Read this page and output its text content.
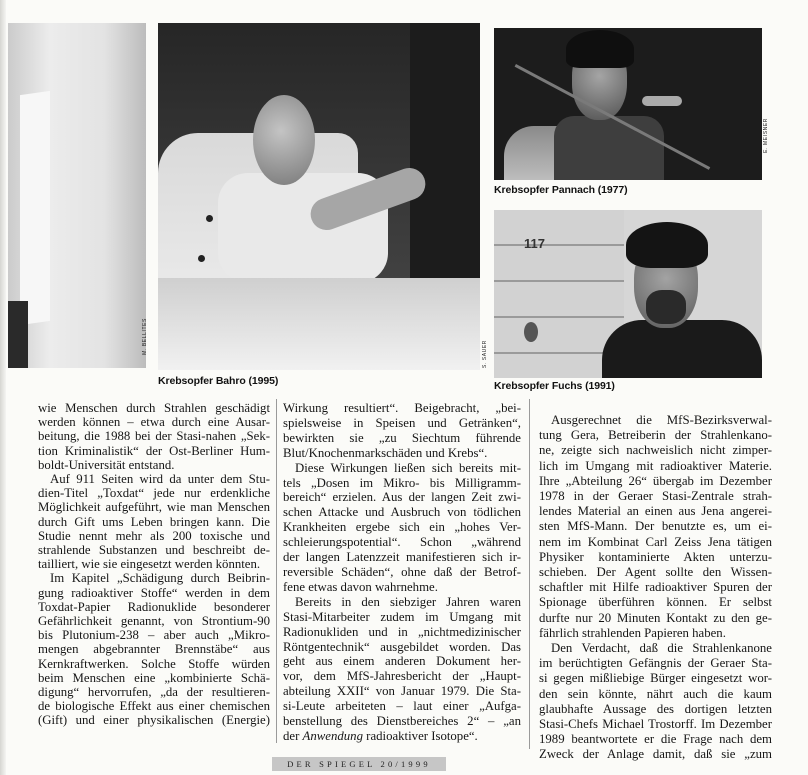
M. BELLITES	S. SAUER
Krebsopfer Bahro (1995)
E. MEISNER
Krebsopfer Pannach (1977)
117
Krebsopfer Fuchs (1991)
wie Menschen durch Strahlen geschädigt
werden können – etwa durch eine Ausar-
beitung, die 1988 bei der Stasi-nahen „Sek-
tion Kriminalistik“ der Ost-Berliner Hum-
boldt-Universität entstand.
Auf 911 Seiten wird da unter dem Stu-
dien-Titel „Toxdat“ jede nur erdenkliche
Möglichkeit aufgeführt, wie man Menschen
durch Gift ums Leben bringen kann. Die
Studie nennt mehr als 200 toxische und
strahlende Substanzen und beschreibt de-
tailliert, wie sie eingesetzt werden könnten.
Im Kapitel „Schädigung durch Beibrin-
gung radioaktiver Stoffe“ werden in dem
Toxdat-Papier Radionuklide besonderer
Gefährlichkeit genannt, von Strontium-90
bis Plutonium-238 – aber auch „Mikro-
mengen abgebrannter Brennstäbe“ aus
Kernkraftwerken. Solche Stoffe würden
beim Menschen eine „kombinierte Schä-
digung“ hervorrufen, „da der resultieren-
de biologische Effekt aus einer chemischen
(Gift) und einer physikalischen (Energie)
Wirkung resultiert“. Beigebracht, „bei-
spielsweise in Speisen und Getränken“,
bewirkten sie „zu Siechtum führende
Blut/Knochenmarkschäden und Krebs“.
Diese Wirkungen ließen sich bereits mit-
tels „Dosen im Mikro- bis Milligramm-
bereich“ erzielen. Aus der langen Zeit zwi-
schen Attacke und Ausbruch von tödlichen
Krankheiten ergebe sich ein „hohes Ver-
schleierungspotential“. Schon „während
der langen Latenzzeit manifestieren sich ir-
reversible Schäden“, ohne daß der Betrof-
fene etwas davon wahrnehme.
Bereits in den siebziger Jahren waren
Stasi-Mitarbeiter zudem im Umgang mit
Radionukliden und in „nichtmedizinischer
Röntgentechnik“ ausgebildet worden. Das
geht aus einem anderen Dokument her-
vor, dem MfS-Jahresbericht der „Haupt-
abteilung XXII“ von Januar 1979. Die Sta-
si-Leute arbeiteten – laut einer „Aufga-
benstellung des Dienstbereiches 2“ – „an
der Anwendung radioaktiver Isotope“.
Ausgerechnet die MfS-Bezirksverwal-
tung Gera, Betreiberin der Strahlenkano-
ne, zeigte sich nachweislich nicht zimper-
lich im Umgang mit radioaktiver Materie.
Ihre „Abteilung 26“ übergab im Dezember
1978 in der Geraer Stasi-Zentrale strah-
lendes Material an einen aus Jena angerei-
sten MfS-Mann. Der benutzte es, um ei-
nem im Kombinat Carl Zeiss Jena tätigen
Physiker kontaminierte Akten unterzu-
schieben. Der Agent sollte den Wissen-
schaftler mit Hilfe radioaktiver Spuren der
Spionage überführen können. Er selbst
durfte nur 20 Minuten Kontakt zu den ge-
fährlich strahlenden Papieren haben.
Den Verdacht, daß die Strahlenkanone
im berüchtigten Gefängnis der Geraer Sta-
si gegen mißliebige Bürger eingesetzt wor-
den sein könnte, nährt auch die kaum
glaubhafte Aussage des dortigen letzten
Stasi-Chefs Michael Trostorff. Im Dezember
1989 beantwortete er die Frage nach dem
Zweck der Anlage damit, daß sie „zum
DER SPIEGEL 20/1999
